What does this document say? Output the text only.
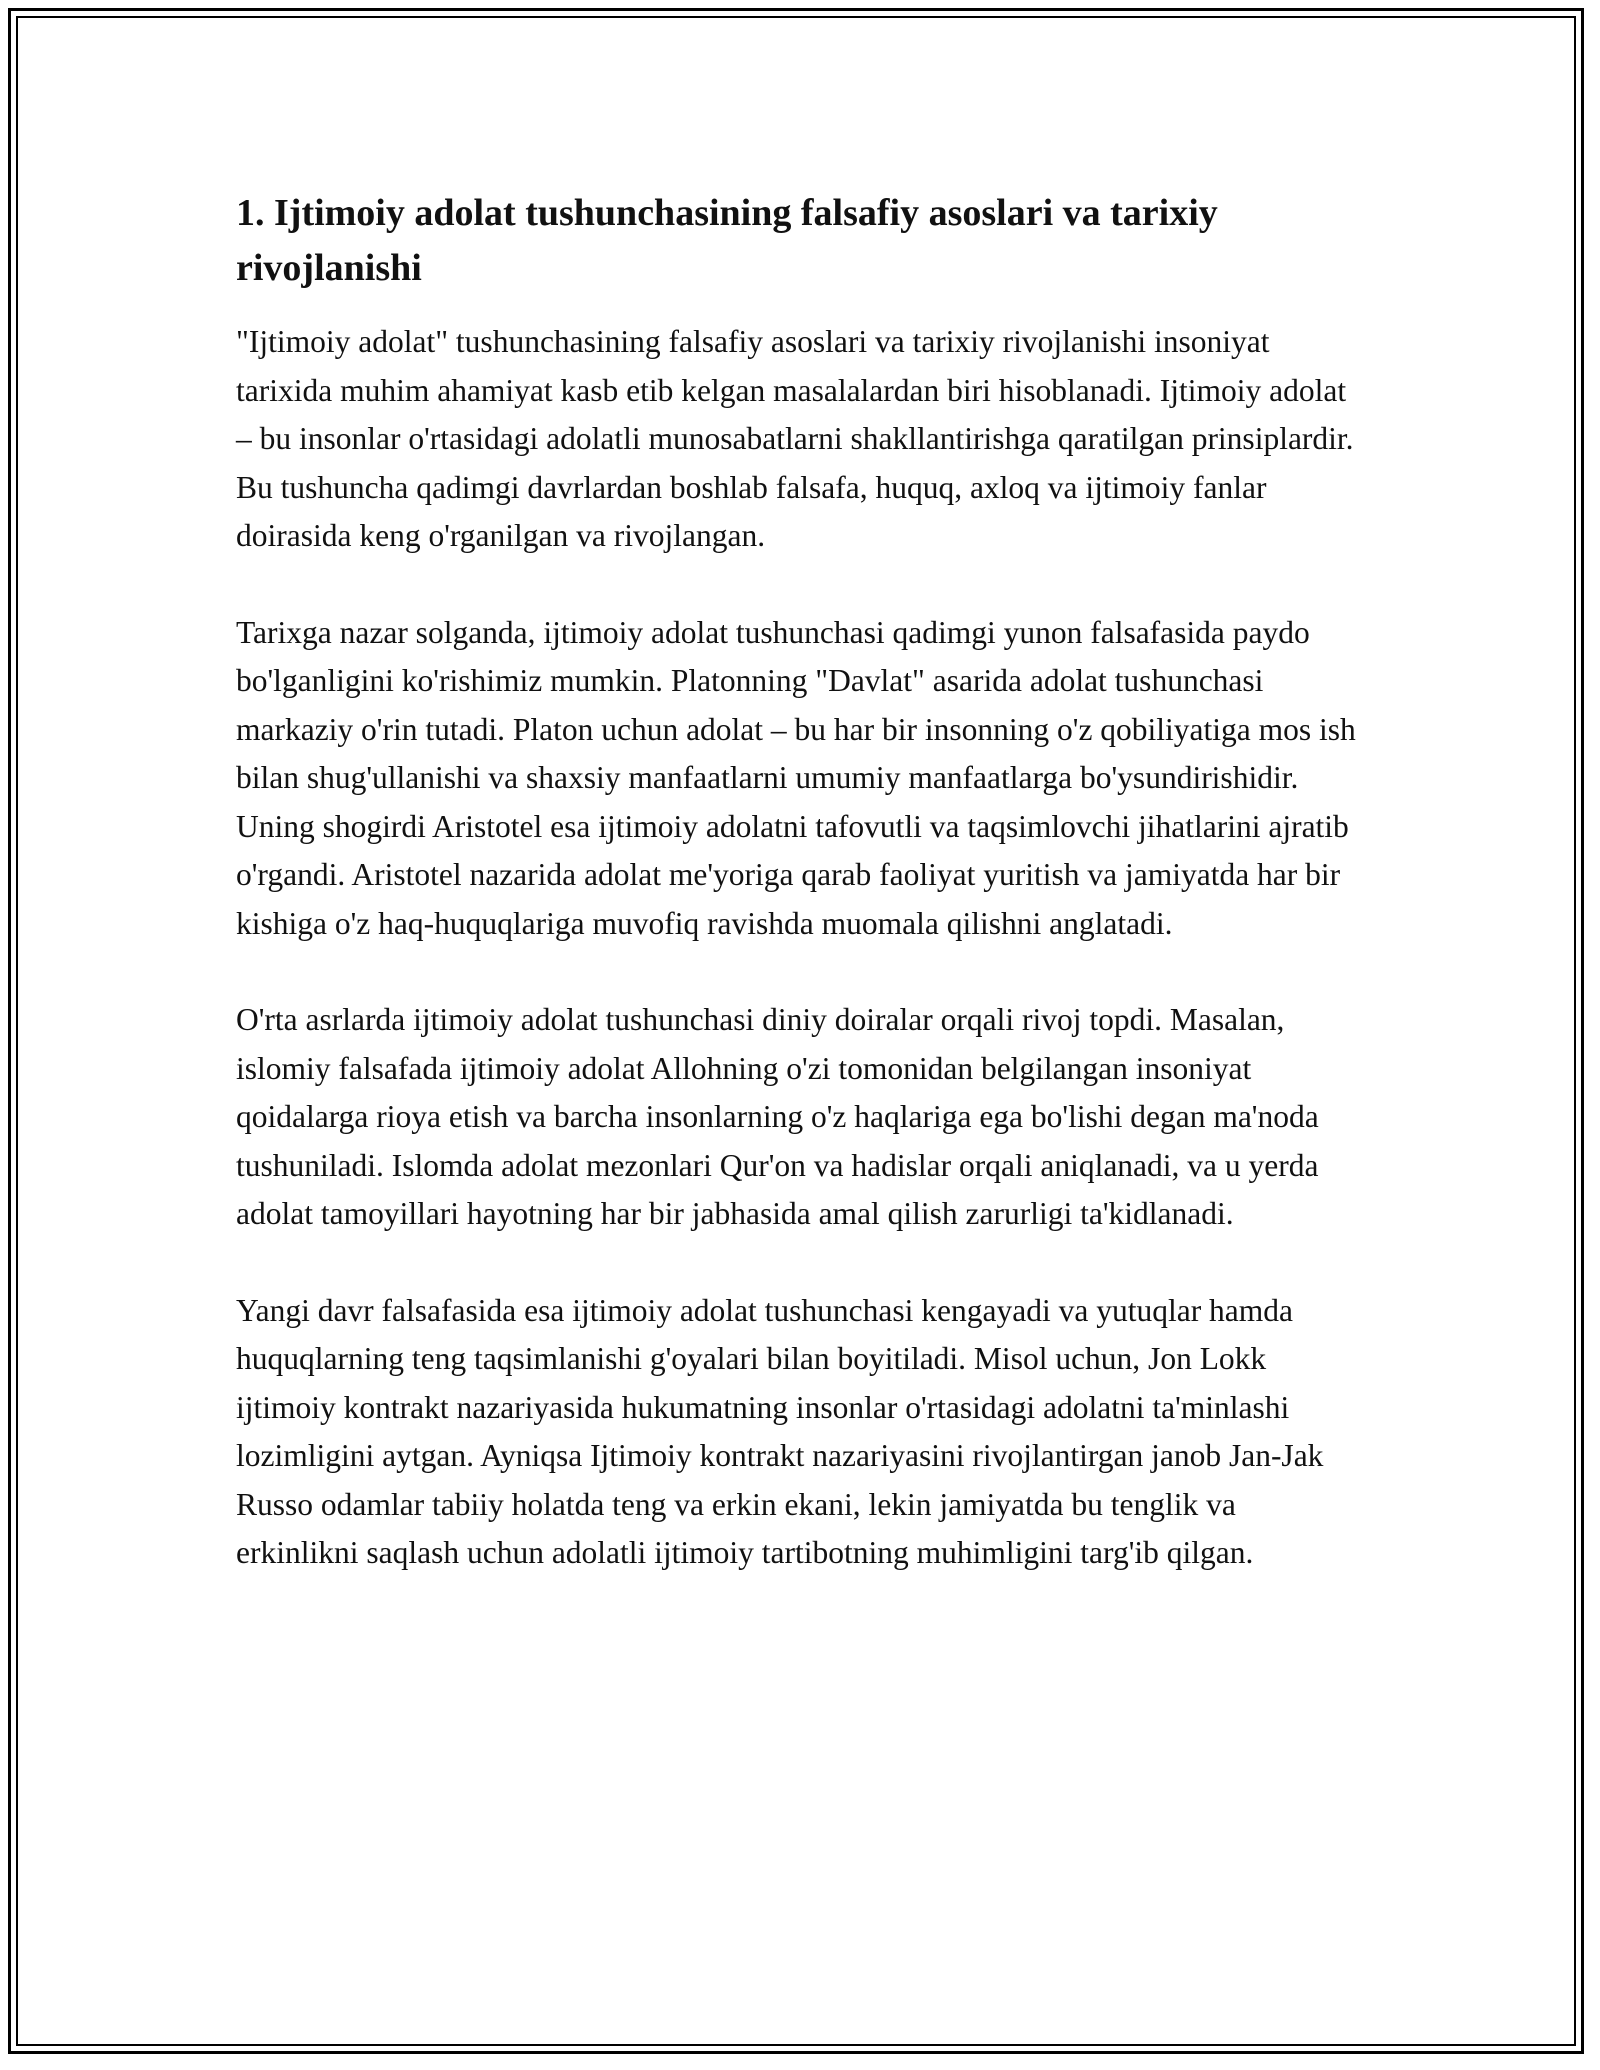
1. Ijtimoiy adolat tushunchasining falsafiy asoslari va tarixiy rivojlanishi

"Ijtimoiy adolat" tushunchasining falsafiy asoslari va tarixiy rivojlanishi insoniyat tarixida muhim ahamiyat kasb etib kelgan masalalardan biri hisoblanadi. Ijtimoiy adolat – bu insonlar o'rtasidagi adolatli munosabatlarni shakllantirishga qaratilgan prinsiplardir. Bu tushuncha qadimgi davrlardan boshlab falsafa, huquq, axloq va ijtimoiy fanlar doirasida keng o'rganilgan va rivojlangan.

Tarixga nazar solganda, ijtimoiy adolat tushunchasi qadimgi yunon falsafasida paydo bo'lganligini ko'rishimiz mumkin. Platonning "Davlat" asarida adolat tushunchasi markaziy o'rin tutadi. Platon uchun adolat – bu har bir insonning o'z qobiliyatiga mos ish bilan shug'ullanishi va shaxsiy manfaatlarni umumiy manfaatlarga bo'ysundirishidir. Uning shogirdi Aristotel esa ijtimoiy adolatni tafovutli va taqsimlovchi jihatlarini ajratib o'rgandi. Aristotel nazarida adolat me'yoriga qarab faoliyat yuritish va jamiyatda har bir kishiga o'z haq-huquqlariga muvofiq ravishda muomala qilishni anglatadi.

O'rta asrlarda ijtimoiy adolat tushunchasi diniy doiralar orqali rivoj topdi. Masalan, islomiy falsafada ijtimoiy adolat Allohning o'zi tomonidan belgilangan insoniyat qoidalarga rioya etish va barcha insonlarning o'z haqlariga ega bo'lishi degan ma'noda tushuniladi. Islomda adolat mezonlari Qur'on va hadislar orqali aniqlanadi, va u yerda adolat tamoyillari hayotning har bir jabhasida amal qilish zarurligi ta'kidlanadi.

Yangi davr falsafasida esa ijtimoiy adolat tushunchasi kengayadi va yutuqlar hamda huquqlarning teng taqsimlanishi g'oyalari bilan boyitiladi. Misol uchun, Jon Lokk ijtimoiy kontrakt nazariyasida hukumatning insonlar o'rtasidagi adolatni ta'minlashi lozimligini aytgan. Ayniqsa Ijtimoiy kontrakt nazariyasini rivojlantirgan janob Jan-Jak Russo odamlar tabiiy holatda teng va erkin ekani, lekin jamiyatda bu tenglik va erkinlikni saqlash uchun adolatli ijtimoiy tartibotning muhimligini targ'ib qilgan.
